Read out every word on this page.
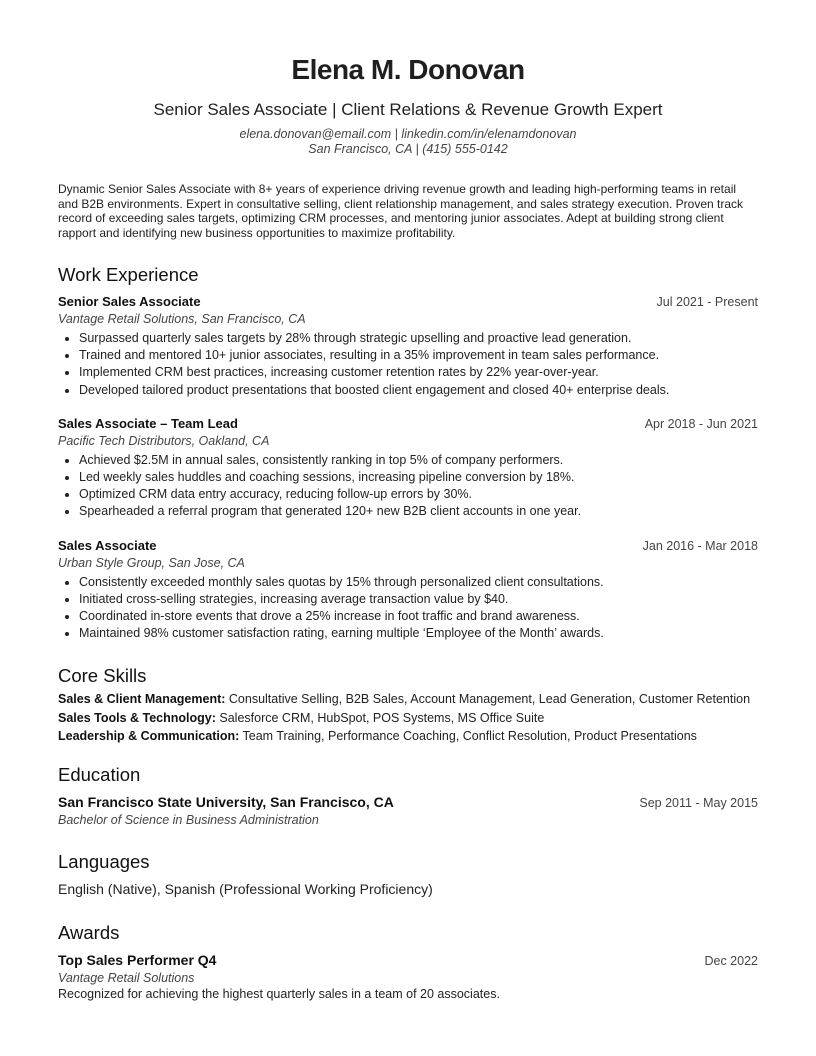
Elena M. Donovan
Senior Sales Associate | Client Relations & Revenue Growth Expert
elena.donovan@email.com | linkedin.com/in/elenamdonovan
San Francisco, CA | (415) 555-0142
Dynamic Senior Sales Associate with 8+ years of experience driving revenue growth and leading high-performing teams in retail and B2B environments. Expert in consultative selling, client relationship management, and sales strategy execution. Proven track record of exceeding sales targets, optimizing CRM processes, and mentoring junior associates. Adept at building strong client rapport and identifying new business opportunities to maximize profitability.
Work Experience
Senior Sales Associate	Jul 2021 - Present
Vantage Retail Solutions, San Francisco, CA
• Surpassed quarterly sales targets by 28% through strategic upselling and proactive lead generation.
• Trained and mentored 10+ junior associates, resulting in a 35% improvement in team sales performance.
• Implemented CRM best practices, increasing customer retention rates by 22% year-over-year.
• Developed tailored product presentations that boosted client engagement and closed 40+ enterprise deals.
Sales Associate – Team Lead	Apr 2018 - Jun 2021
Pacific Tech Distributors, Oakland, CA
• Achieved $2.5M in annual sales, consistently ranking in top 5% of company performers.
• Led weekly sales huddles and coaching sessions, increasing pipeline conversion by 18%.
• Optimized CRM data entry accuracy, reducing follow-up errors by 30%.
• Spearheaded a referral program that generated 120+ new B2B client accounts in one year.
Sales Associate	Jan 2016 - Mar 2018
Urban Style Group, San Jose, CA
• Consistently exceeded monthly sales quotas by 15% through personalized client consultations.
• Initiated cross-selling strategies, increasing average transaction value by $40.
• Coordinated in-store events that drove a 25% increase in foot traffic and brand awareness.
• Maintained 98% customer satisfaction rating, earning multiple ‘Employee of the Month’ awards.
Core Skills
Sales & Client Management: Consultative Selling, B2B Sales, Account Management, Lead Generation, Customer Retention
Sales Tools & Technology: Salesforce CRM, HubSpot, POS Systems, MS Office Suite
Leadership & Communication: Team Training, Performance Coaching, Conflict Resolution, Product Presentations
Education
San Francisco State University, San Francisco, CA	Sep 2011 - May 2015
Bachelor of Science in Business Administration
Languages
English (Native), Spanish (Professional Working Proficiency)
Awards
Top Sales Performer Q4	Dec 2022
Vantage Retail Solutions
Recognized for achieving the highest quarterly sales in a team of 20 associates.
